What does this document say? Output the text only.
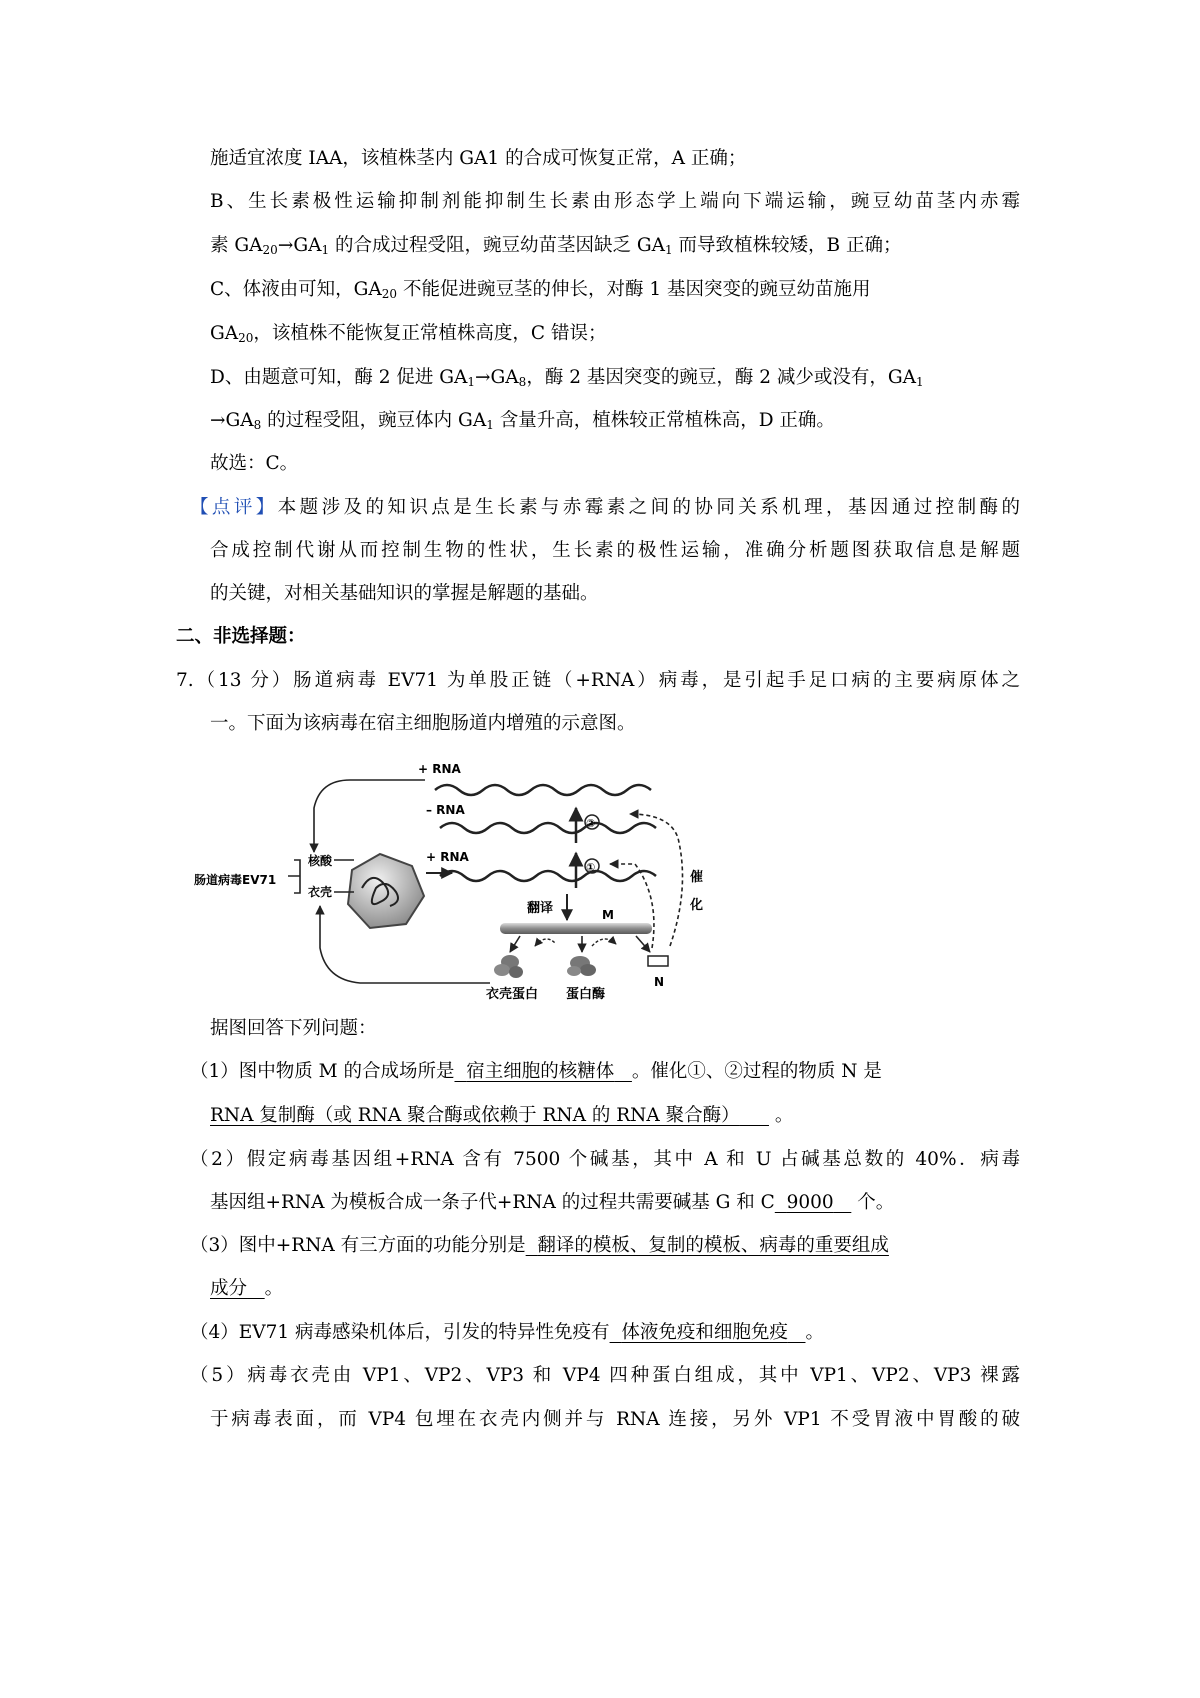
施适宜浓度 IAA，该植株茎内 GA1 的合成可恢复正常，A 正确；
B、生长素极性运输抑制剂能抑制生长素由形态学上端向下端运输，豌豆幼苗茎内赤霉
素 $GA_{20}\to GA_1$ 的合成过程受阻，豌豆幼苗茎因缺乏 $GA_1$ 而导致植株较矮，B 正确；
C、体液由可知，$GA_{20}$ 不能促进豌豆茎的伸长，对酶 1 基因突变的豌豆幼苗施用
$GA_{20}$，该植株不能恢复正常植株高度，C 错误；
D、由题意可知，酶 2 促进 $GA_1\to GA_8$，酶 2 基因突变的豌豆，酶 2 减少或没有，$GA_1$
$\to GA_8$ 的过程受阻，豌豆体内 $GA_1$ 含量升高，植株较正常植株高，D 正确。
故选：C。
【点评】本题涉及的知识点是生长素与赤霉素之间的协同关系机理，基因通过控制酶的
合成控制代谢从而控制生物的性状，生长素的极性运输，准确分析题图获取信息是解题
的关键，对相关基础知识的掌握是解题的基础。
二、非选择题：
7.（13 分）肠道病毒 EV71 为单股正链（+RNA）病毒，是引起手足口病的主要病原体之
一。下面为该病毒在宿主细胞肠道内增殖的示意图。
+ RNA
– RNA
+ RNA
②
①
翻译	M
肠道病毒EV71
核酸
衣壳
催
化
衣壳蛋白 蛋白酶
N
据图回答下列问题：
（1）图中物质 M 的合成场所是 宿主细胞的核糖体 。催化①、②过程的物质 N 是
RNA 复制酶（或 RNA 聚合酶或依赖于 RNA 的 RNA 聚合酶） 。
（2）假定病毒基因组+RNA 含有 7500 个碱基，其中 A 和 U 占碱基总数的 40%．病毒
基因组+RNA 为模板合成一条子代+RNA 的过程共需要碱基 G 和 C 9000 个。
（3）图中+RNA 有三方面的功能分别是 翻译的模板、复制的模板、病毒的重要组成
成分 。
（4）EV71 病毒感染机体后，引发的特异性免疫有 体液免疫和细胞免疫 。
（5）病毒衣壳由 VP1、VP2、VP3 和 VP4 四种蛋白组成，其中 VP1、VP2、VP3 裸露
于病毒表面，而 VP4 包埋在衣壳内侧并与 RNA 连接，另外 VP1 不受胃液中胃酸的破
